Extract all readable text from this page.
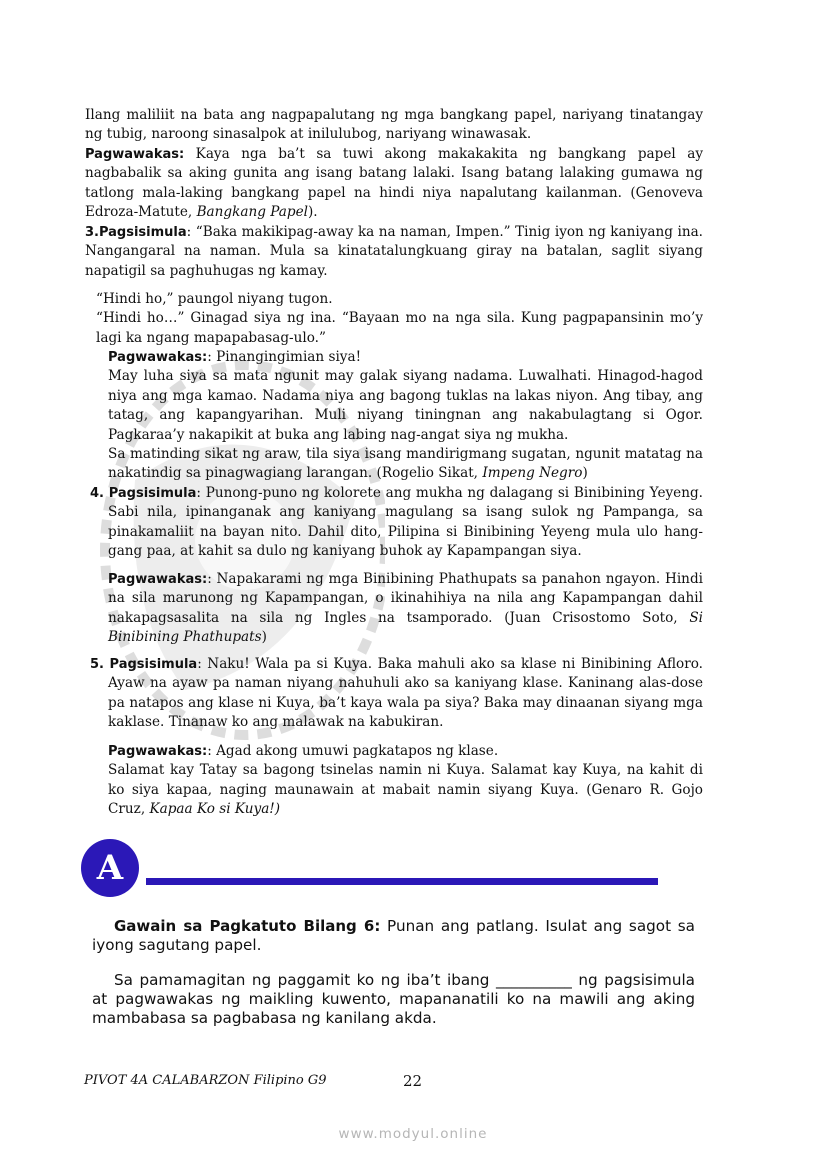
Ilang maliliit na bata ang nagpapalutang ng mga bangkang papel, nariyang tinatangay ng tubig, naroong sinasalpok at inilulubog, nariyang winawasak.
Pagwawakas: Kaya nga ba’t sa tuwi akong makakakita ng bangkang papel ay nagbabalik sa aking gunita ang isang batang lalaki. Isang batang lalaking gumawa ng tatlong mala-laking bangkang papel na hindi niya napalutang kailanman. (Genoveva Edroza-Matute, Bangkang Papel).
3.Pagsisimula: “Baka makikipag-away ka na naman, Impen.” Tinig iyon ng kaniyang ina. Nangangaral na naman. Mula sa kinatatalungkuang giray na batalan, saglit siyang napatigil sa paghuhugas ng kamay.
“Hindi ho,” paungol niyang tugon.
“Hindi ho…” Ginagad siya ng ina. “Bayaan mo na nga sila. Kung pagpapansinin mo’y lagi ka ngang mapapabasag-ulo.”
Pagwawakas:: Pinangingimian siya!
May luha siya sa mata ngunit may galak siyang nadama. Luwalhati. Hinagod-hagod niya ang mga kamao. Nadama niya ang bagong tuklas na lakas niyon. Ang tibay, ang tatag, ang kapangyarihan. Muli niyang tiningnan ang nakabulagtang si Ogor. Pagkaraa’y nakapikit at buka ang labing nag-angat siya ng mukha.
Sa matinding sikat ng araw, tila siya isang mandirigmang sugatan, ngunit matatag na nakatindig sa pinagwagiang larangan. (Rogelio Sikat, Impeng Negro)
4. Pagsisimula: Punong-puno ng kolorete ang mukha ng dalagang si Binibining Yeyeng. Sabi nila, ipinanganak ang kaniyang magulang sa isang sulok ng Pampanga, sa pinakamaliit na bayan nito. Dahil dito, Pilipina si Binibining Yeyeng mula ulo hang-gang paa, at kahit sa dulo ng kaniyang buhok ay Kapampangan siya.
Pagwawakas:: Napakarami ng mga Binibining Phathupats sa panahon ngayon. Hindi na sila marunong ng Kapampangan, o ikinahihiya na nila ang Kapampangan dahil nakapagsasalita na sila ng Ingles na tsamporado. (Juan Crisostomo Soto, Si Binibining Phathupats)
5. Pagsisimula: Naku! Wala pa si Kuya. Baka mahuli ako sa klase ni Binibining Afloro. Ayaw na ayaw pa naman niyang nahuhuli ako sa kaniyang klase. Kaninang alas-dose pa natapos ang klase ni Kuya, ba’t kaya wala pa siya? Baka may dinaanan siyang mga kaklase. Tinanaw ko ang malawak na kabukiran.
Pagwawakas:: Agad akong umuwi pagkatapos ng klase.
Salamat kay Tatay sa bagong tsinelas namin ni Kuya. Salamat kay Kuya, na kahit di ko siya kapaa, naging maunawain at mabait namin siyang Kuya. (Genaro R. Gojo Cruz, Kapaa Ko si Kuya!)
A
Gawain sa Pagkatuto Bilang 6: Punan ang patlang. Isulat ang sagot sa iyong sagutang papel.
Sa pamamagitan ng paggamit ko ng iba’t ibang __________ ng pagsisimula at pagwawakas ng maikling kuwento, mapananatili ko na mawili ang aking mambabasa sa pagbabasa ng kanilang akda.
PIVOT 4A CALABARZON Filipino G9	22
www.modyul.online
